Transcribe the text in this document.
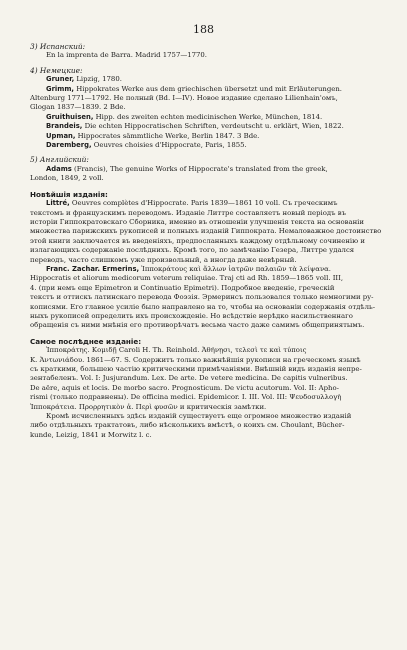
188
3) Испанский:
En la imprenta de Barra. Madrid 1757—1770.
4) Немецкие:
Gruner, Lipzig, 1780.
Grimm, Hippokrates Werke aus dem griechischen übersetzt und mit Erläuterungen.
Altenburg 1771—1792. Не полный (Bd. I—IV). Новое издание сделано Lilienhain'омъ,
Glogan 1837—1839. 2 Bde.
Gruithuisen, Hipp. des zweiten echten medicinischen Werke, München, 1814.
Brandeis, Die echten Hippocratischen Schriften, verdeutscht u. erklärt, Wien, 1822.
Upman, Hippocrates sämmtliche Werke, Berlin 1847. 3 Bde.
Daremberg, Oeuvres choisies d'Hippocrate, Paris, 1855.
5) Английский:
Adams (Francis), The genuine Works of Hippocrate's translated from the greek,
London, 1849, 2 voll.
Новѣйшія изданія:
Littré, Oeuvres complètes d'Hippocrate. Paris 1839—1861 10 voll. Съ греческимъ
текстомъ и французскимъ переводомъ. Изданіе Литтре составляетъ новый періодъ въ
исторіи Гиппократовскаго Сборника, именно въ отношеніи улучшенія текста на основаніи
множества парижскихъ рукописей и полныхъ изданій Гиппократа. Немаловажное достоинство
этой книги заключается въ введеніяхъ, предпосланныхъ каждому отдѣльному сочиненію и
излагающихъ содержаніе послѣднихъ. Кромѣ того, по замѣчанію Гезера, Литтре удался
переводъ, часто слишкомъ уже произвольный, а иногда даже невѣрный.
Franc. Zachar. Ermerins, Ἱπποκράτους καὶ ἄλλων ἰατρῶν παλαιῶν τὰ λείψανα.
Hippocratis et aliorum medicorum veterum reliquiae. Traj cti ad Rh. 1859—1865 voll. III,
4. (при немъ еще Epimetron и Continuatio Epimetri). Подробное введеніе, греческій
текстъ и оттискъ латинскаго перевода Фоэзія. Эрмеринсъ пользовался только немногими ру-
кописями. Его главное усиліе было направлено на то, чтобы на основаніи содержанія отдѣль-
ныхъ рукописей определить ихъ происхожденіе. Но всѣдствіе нерѣдко насильственнаго
обращенія съ ними мнѣнія его противорѣчатъ весьма часто даже самимъ общепринятымъ.
Самое послѣднее изданіе:
Ἱπποκράτης. Κομιδῇ Caroli H. Th. Reinhold. Ἀθήνῃσι, τελεσὶ τε καὶ τύποις
K. Ἀντωνιάδου. 1861—67. S. Содержитъ только важнѣйшія рукописи на греческомъ языкѣ
съ краткими, большею частію критическими примѣчаніями. Внѣшній видъ изданія непре-
зентабеленъ. Vol. I: Jusjurandum. Lex. De arte. De vetere medicina. De capitis vulneribus.
De aëre, aquis et locis. De morbo sacro. Prognosticum. De victu acutorum. Vol. II: Apho-
rismi (только подравнены). De officina medici. Epidemiсor. I. III. Vol. III: Ψευδοσυλλογὴ
Ἱπποκράτεια. Προρρητικὸν ἀ. Περὶ φυσῶν и критическія замѣтки.
Кромѣ исчисленныхъ здѣсь изданій существуетъ еще огромное множество изданій
либо отдѣльныхъ трактатовъ, либо нѣсколькихъ вмѣстѣ, о коихъ см. Choulant, Bücher-
kunde, Leizig, 1841 и Morwitz l. c.
